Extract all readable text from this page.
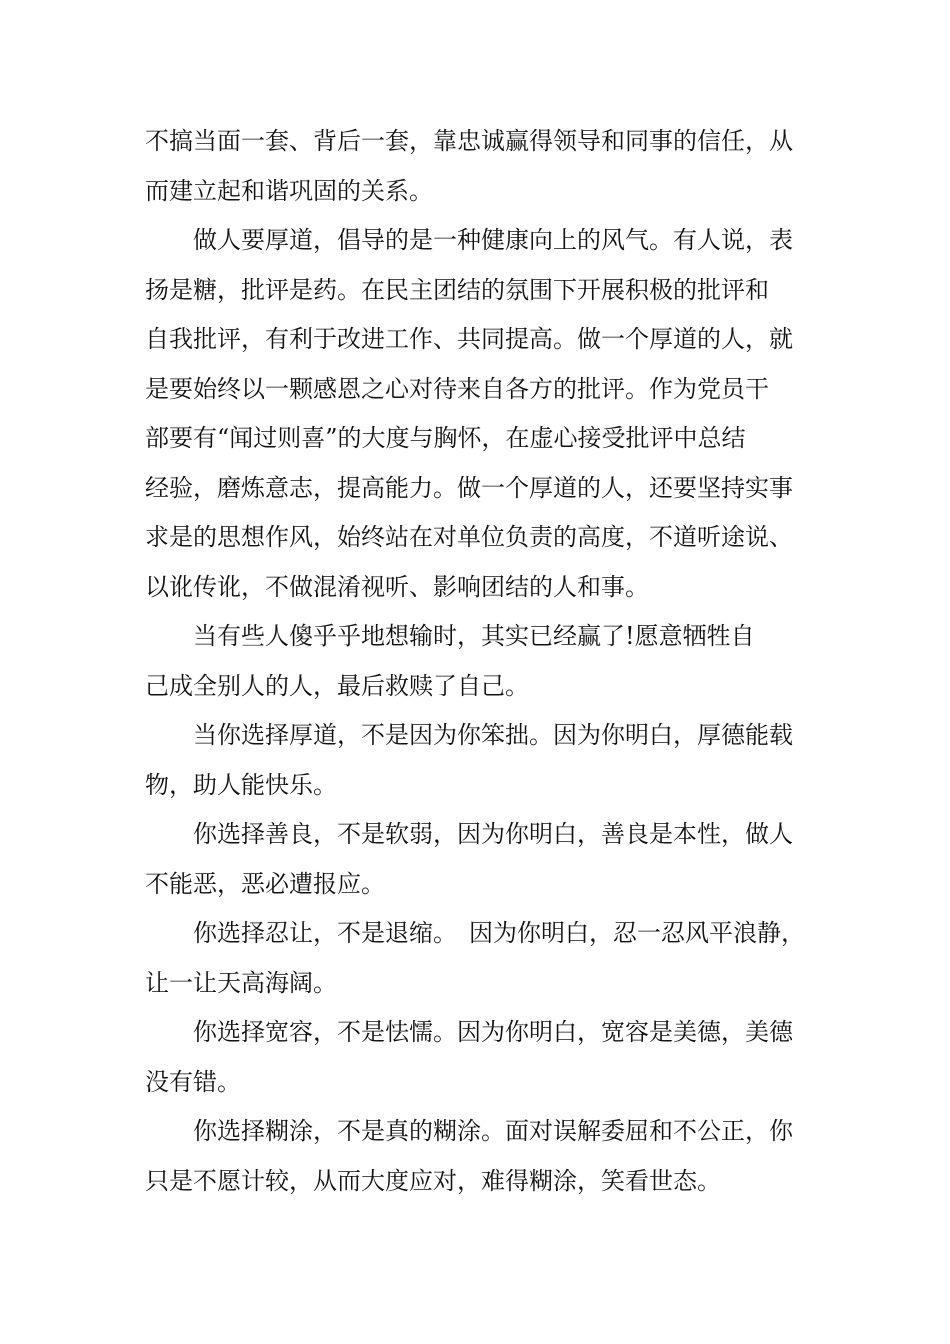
不搞当面一套、背后一套，靠忠诚赢得领导和同事的信任，从
而建立起和谐巩固的关系。
做人要厚道，倡导的是一种健康向上的风气。有人说，表
扬是糖，批评是药。在民主团结的氛围下开展积极的批评和
自我批评，有利于改进工作、共同提高。做一个厚道的人，就
是要始终以一颗感恩之心对待来自各方的批评。作为党员干
部要有“闻过则喜”的大度与胸怀，在虚心接受批评中总结
经验，磨炼意志，提高能力。做一个厚道的人，还要坚持实事
求是的思想作风，始终站在对单位负责的高度，不道听途说、
以讹传讹，不做混淆视听、影响团结的人和事。
当有些人傻乎乎地想输时，其实已经赢了!愿意牺牲自
己成全别人的人，最后救赎了自己。
当你选择厚道，不是因为你笨拙。因为你明白，厚德能载
物，助人能快乐。
你选择善良，不是软弱，因为你明白，善良是本性，做人
不能恶，恶必遭报应。
你选择忍让，不是退缩。　因为你明白，忍一忍风平浪静，
让一让天高海阔。
你选择宽容，不是怯懦。因为你明白，宽容是美德，美德
没有错。
你选择糊涂，不是真的糊涂。面对误解委屈和不公正，你
只是不愿计较，从而大度应对，难得糊涂，笑看世态。
